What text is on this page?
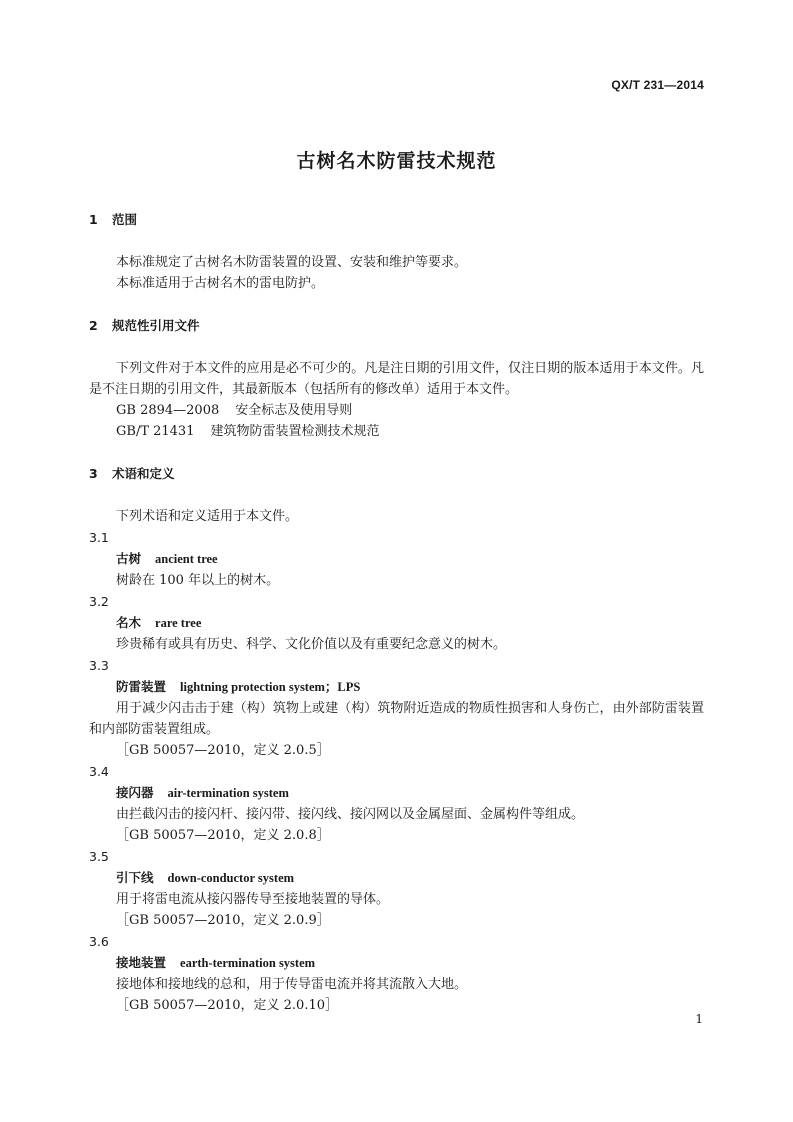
QX/T 231—2014
古树名木防雷技术规范
1 范围

本标准规定了古树名木防雷装置的设置、安装和维护等要求。

本标准适用于古树名木的雷电防护。

2 规范性引用文件

下列文件对于本文件的应用是必不可少的。凡是注日期的引用文件，仅注日期的版本适用于本文件。凡是不注日期的引用文件，其最新版本（包括所有的修改单）适用于本文件。

GB 2894—2008 安全标志及使用导则
GB/T 21431 建筑物防雷装置检测技术规范
3 术语和定义

下列术语和定义适用于本文件。

3.1
古树 ancient tree

树龄在 100 年以上的树木。

3.2
名木 rare tree

珍贵稀有或具有历史、科学、文化价值以及有重要纪念意义的树木。

3.3
防雷装置 lightning protection system；LPS

用于减少闪击击于建（构）筑物上或建（构）筑物附近造成的物质性损害和人身伤亡，由外部防雷装置和内部防雷装置组成。

［GB 50057—2010，定义 2.0.5］
3.4
接闪器 air-termination system

由拦截闪击的接闪杆、接闪带、接闪线、接闪网以及金属屋面、金属构件等组成。

［GB 50057—2010，定义 2.0.8］
3.5
引下线 down-conductor system

用于将雷电流从接闪器传导至接地装置的导体。

［GB 50057—2010，定义 2.0.9］
3.6
接地装置 earth-termination system

接地体和接地线的总和，用于传导雷电流并将其流散入大地。

［GB 50057—2010，定义 2.0.10］
1
